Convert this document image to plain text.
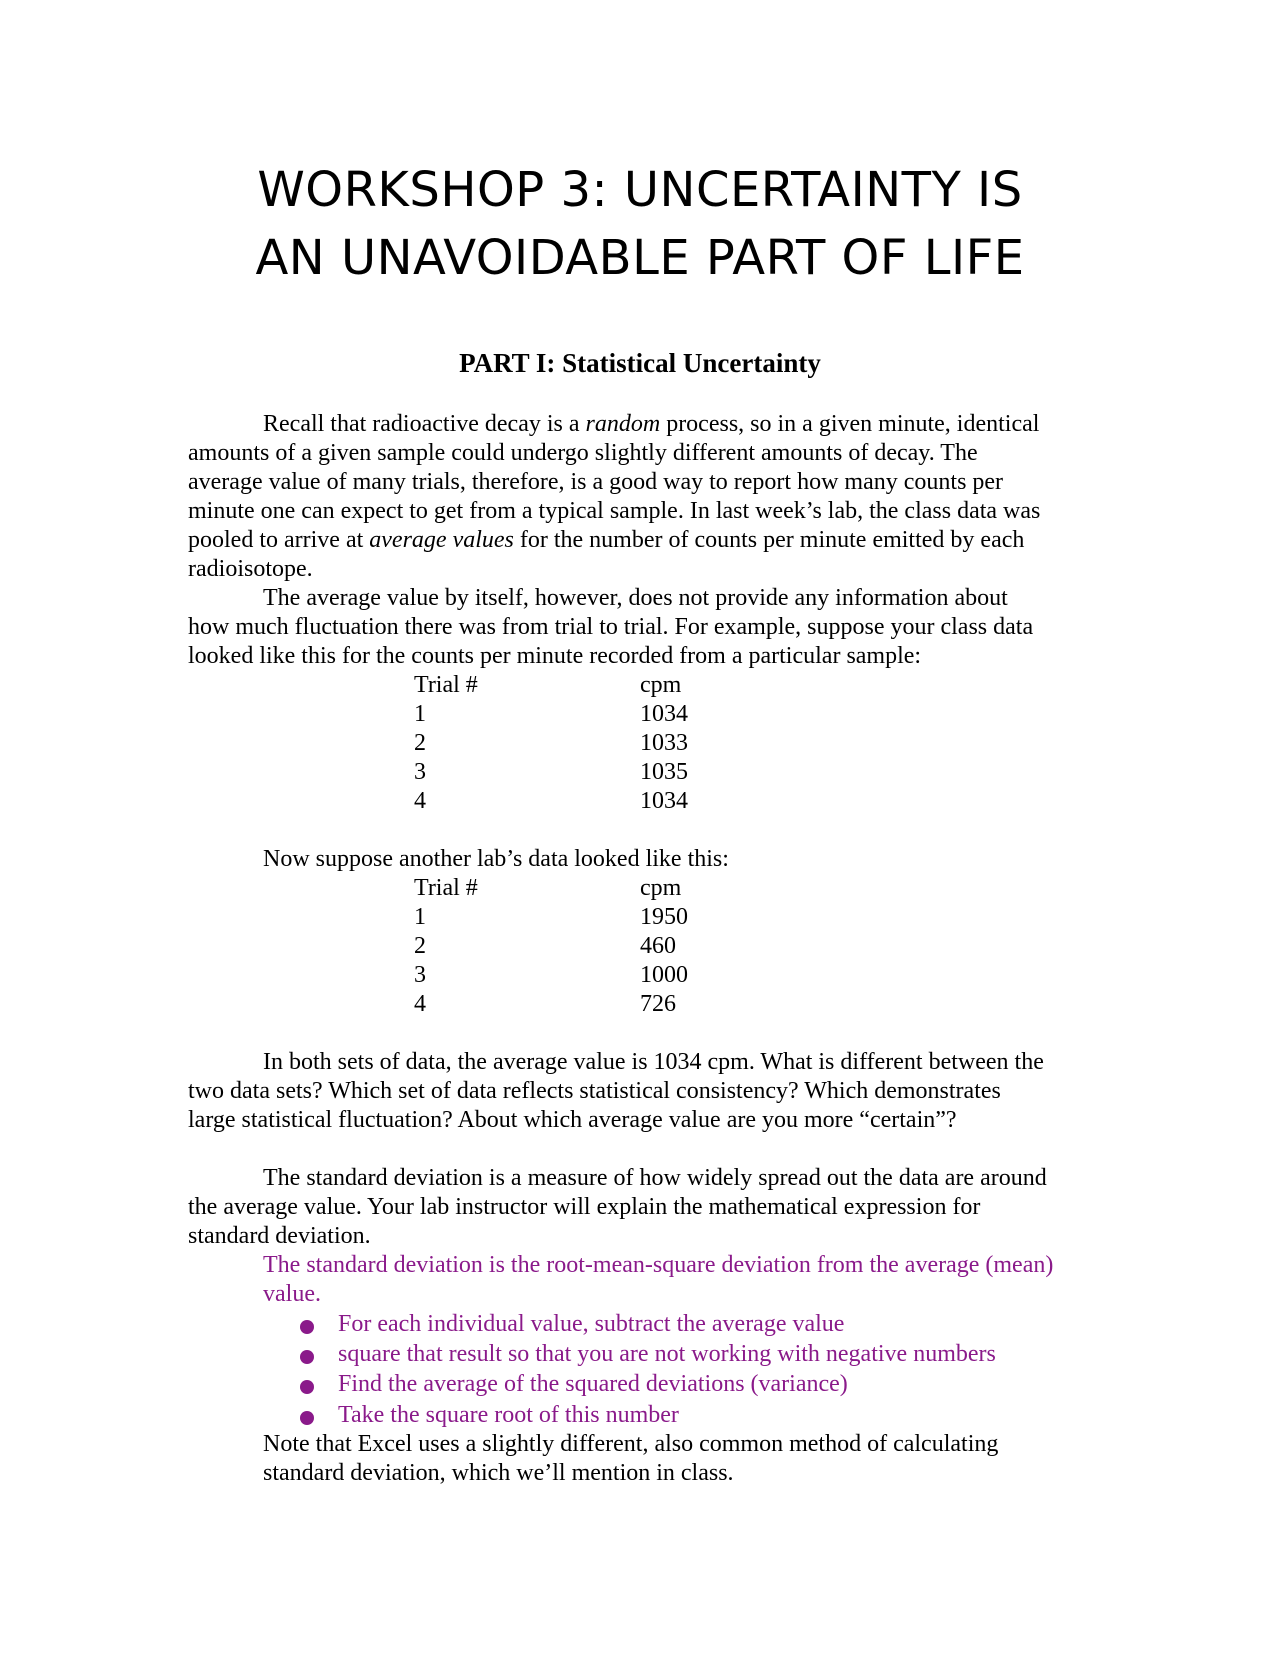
WORKSHOP 3: UNCERTAINTY IS
AN UNAVOIDABLE PART OF LIFE
PART I: Statistical Uncertainty

Recall that radioactive decay is a random process, so in a given minute, identical

amounts of a given sample could undergo slightly different amounts of decay. The

average value of many trials, therefore, is a good way to report how many counts per

minute one can expect to get from a typical sample. In last week’s lab, the class data was

pooled to arrive at average values for the number of counts per minute emitted by each

radioisotope.

The average value by itself, however, does not provide any information about

how much fluctuation there was from trial to trial. For example, suppose your class data

looked like this for the counts per minute recorded from a particular sample:

Trial #	cpm

1	1034

2	1033

3	1035

4	1034

Now suppose another lab’s data looked like this:

Trial #	cpm

1	1950

2	460

3	1000

4	726

In both sets of data, the average value is 1034 cpm. What is different between the

two data sets? Which set of data reflects statistical consistency? Which demonstrates

large statistical fluctuation? About which average value are you more “certain”?

The standard deviation is a measure of how widely spread out the data are around

the average value. Your lab instructor will explain the mathematical expression for

standard deviation.

The standard deviation is the root-mean-square deviation from the average (mean)

value.

For each individual value, subtract the average value

square that result so that you are not working with negative numbers

Find the average of the squared deviations (variance)

Take the square root of this number

Note that Excel uses a slightly different, also common method of calculating

standard deviation, which we’ll mention in class.
